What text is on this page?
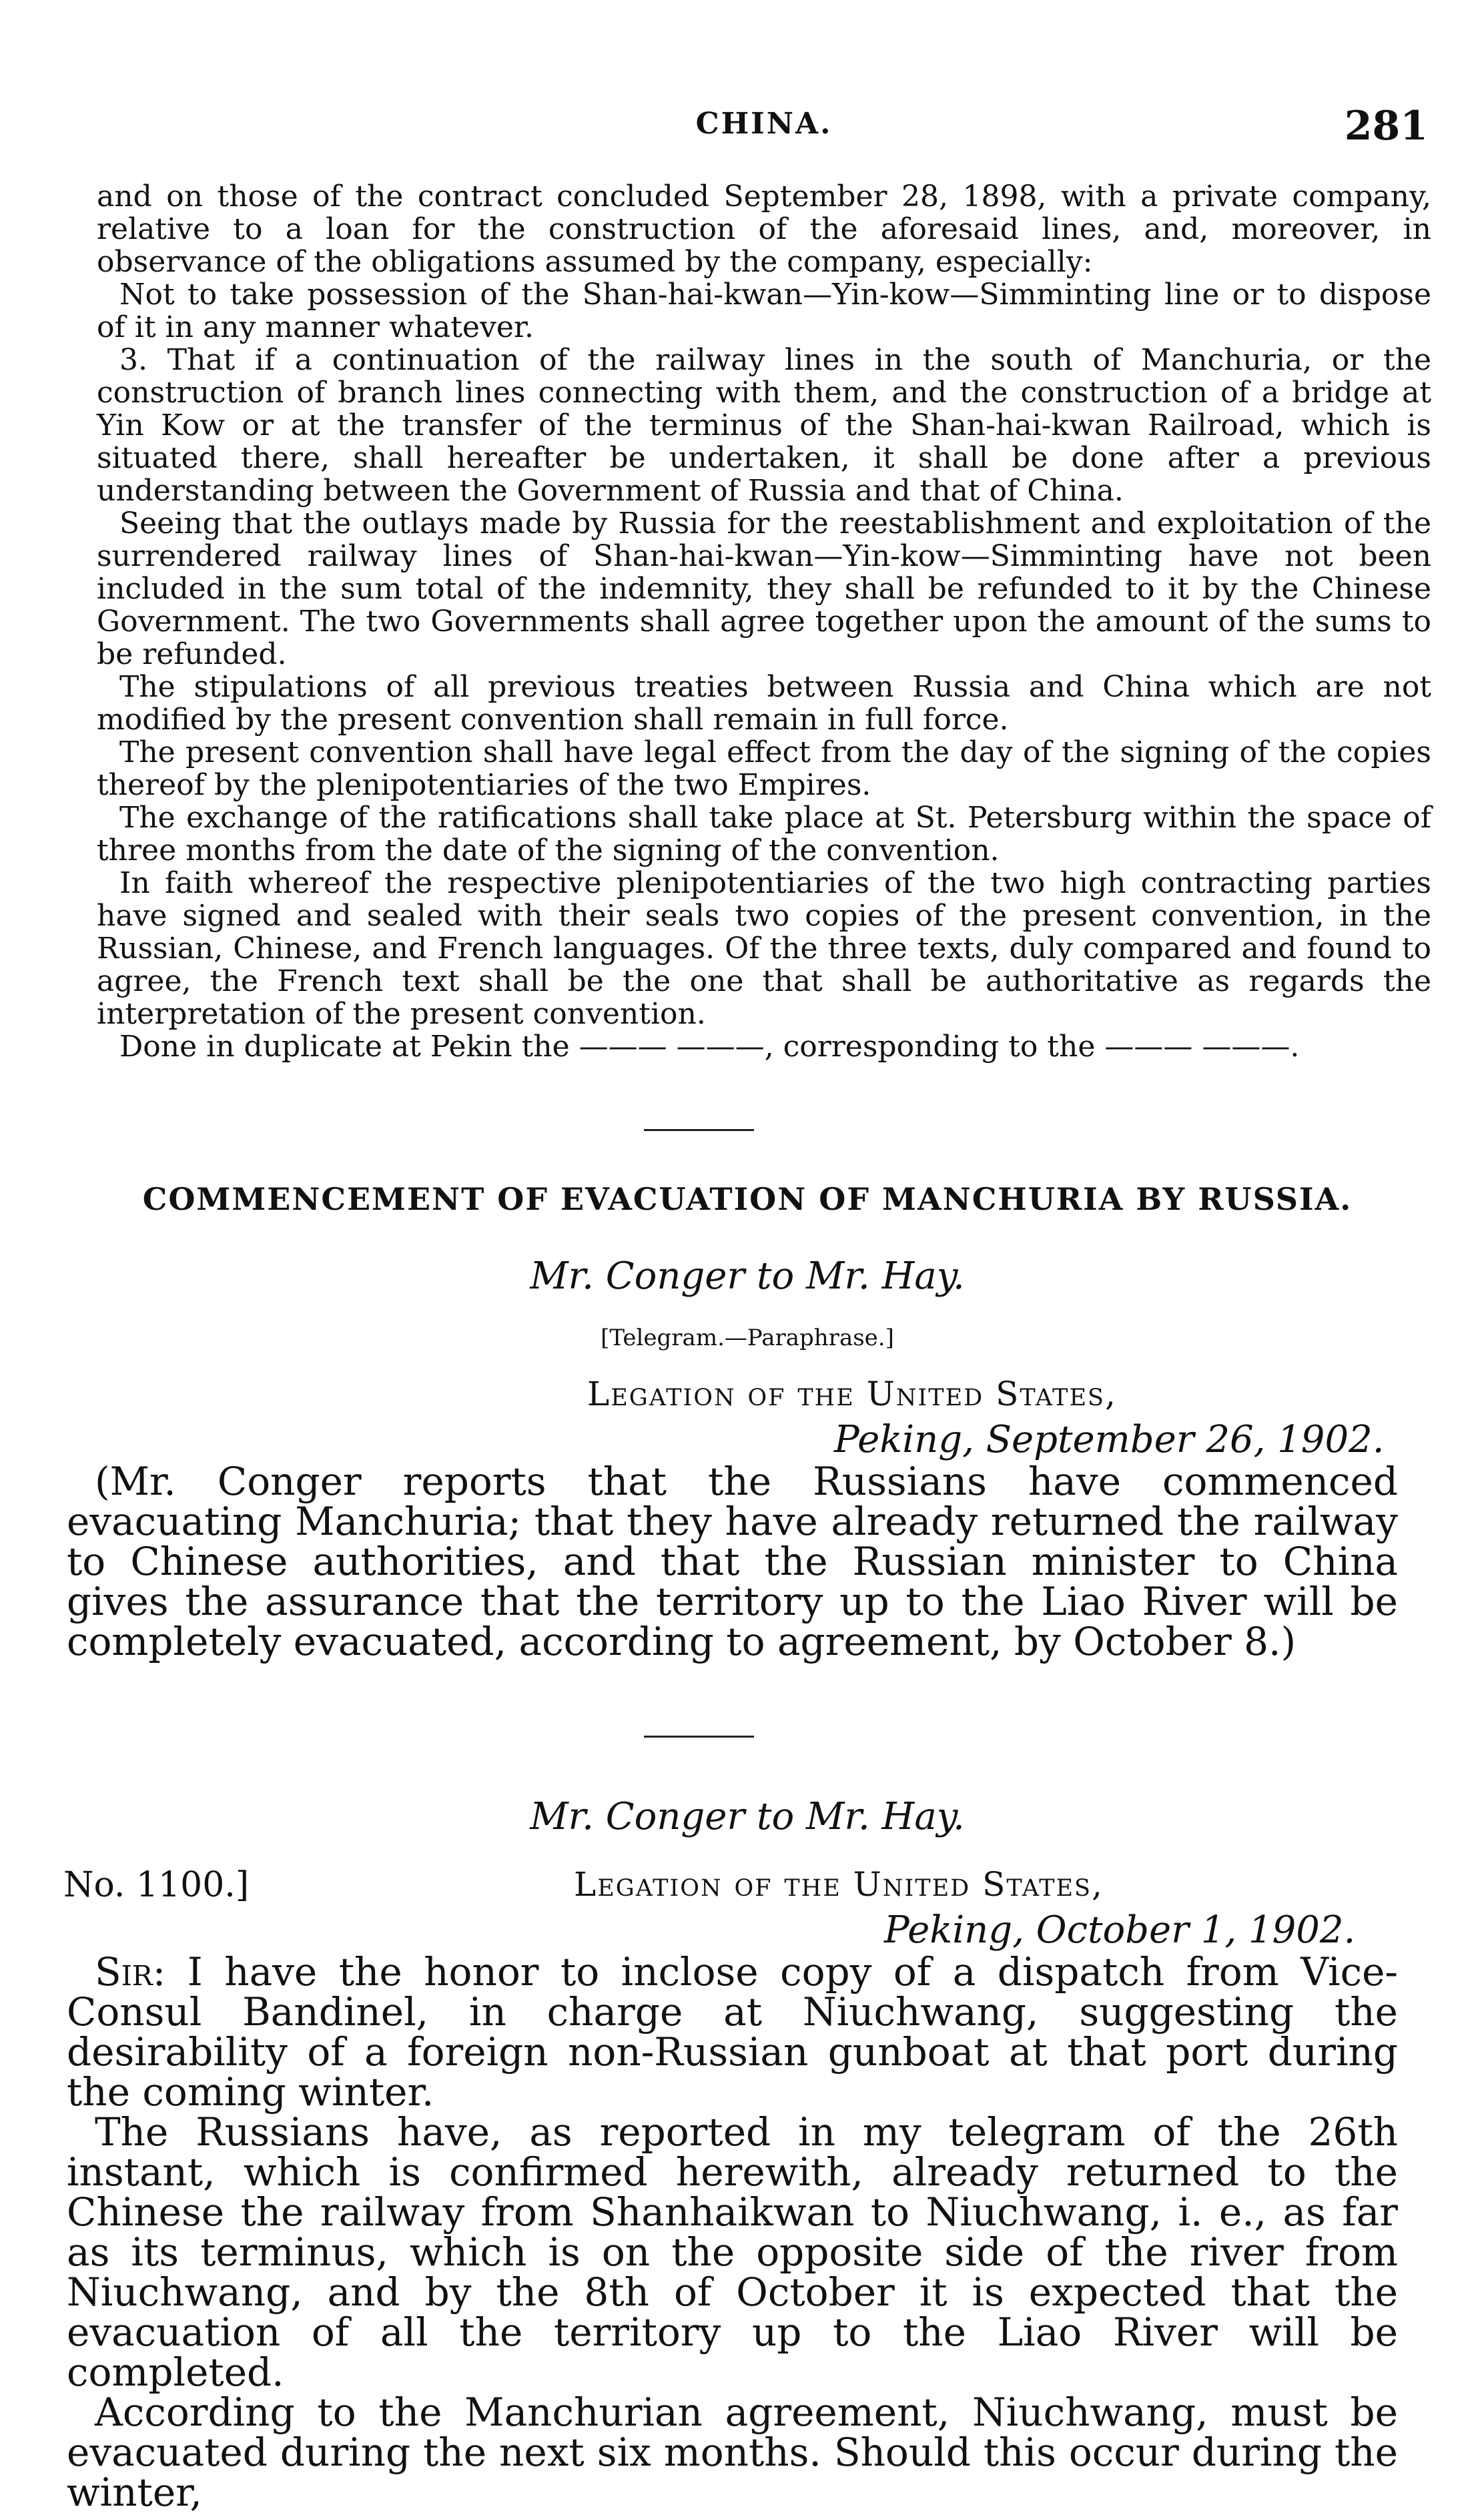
CHINA.	281

and on those of the contract concluded September 28, 1898, with a private company, relative to a loan for the construction of the aforesaid lines, and, moreover, in observance of the obligations assumed by the company, especially:

Not to take possession of the Shan-hai-kwan—Yin-kow—Simminting line or to dispose of it in any manner whatever.

3. That if a continuation of the railway lines in the south of Manchuria, or the construction of branch lines connecting with them, and the construction of a bridge at Yin Kow or at the transfer of the terminus of the Shan-hai-kwan Railroad, which is situated there, shall hereafter be undertaken, it shall be done after a previous understanding between the Government of Russia and that of China.

Seeing that the outlays made by Russia for the reestablishment and exploitation of the surrendered railway lines of Shan-hai-kwan—Yin-kow—Simminting have not been included in the sum total of the indemnity, they shall be refunded to it by the Chinese Government. The two Governments shall agree together upon the amount of the sums to be refunded.

The stipulations of all previous treaties between Russia and China which are not modified by the present convention shall remain in full force.

The present convention shall have legal effect from the day of the signing of the copies thereof by the plenipotentiaries of the two Empires.

The exchange of the ratifications shall take place at St. Petersburg within the space of three months from the date of the signing of the convention.

In faith whereof the respective plenipotentiaries of the two high contracting parties have signed and sealed with their seals two copies of the present convention, in the Russian, Chinese, and French languages. Of the three texts, duly compared and found to agree, the French text shall be the one that shall be authoritative as regards the interpretation of the present convention.

Done in duplicate at Pekin the ——— ———, corresponding to the ——— ———.

COMMENCEMENT OF EVACUATION OF MANCHURIA BY RUSSIA.
Mr. Conger to Mr. Hay.
[Telegram.—Paraphrase.]
Legation of the United States,
Peking, September 26, 1902.

(Mr. Conger reports that the Russians have commenced evacuating Manchuria; that they have already returned the railway to Chinese authorities, and that the Russian minister to China gives the assurance that the territory up to the Liao River will be completely evacuated, according to agreement, by October 8.)

Mr. Conger to Mr. Hay.
No. 1100.]	Legation of the United States,
Peking, October 1, 1902.

Sir: I have the honor to inclose copy of a dispatch from Vice-Consul Bandinel, in charge at Niuchwang, suggesting the desirability of a foreign non-Russian gunboat at that port during the coming winter.

The Russians have, as reported in my telegram of the 26th instant, which is confirmed herewith, already returned to the Chinese the railway from Shanhaikwan to Niuchwang, i. e., as far as its terminus, which is on the opposite side of the river from Niuchwang, and by the 8th of October it is expected that the evacuation of all the territory up to the Liao River will be completed.

According to the Manchurian agreement, Niuchwang, must be evacuated during the next six months. Should this occur during the winter,
